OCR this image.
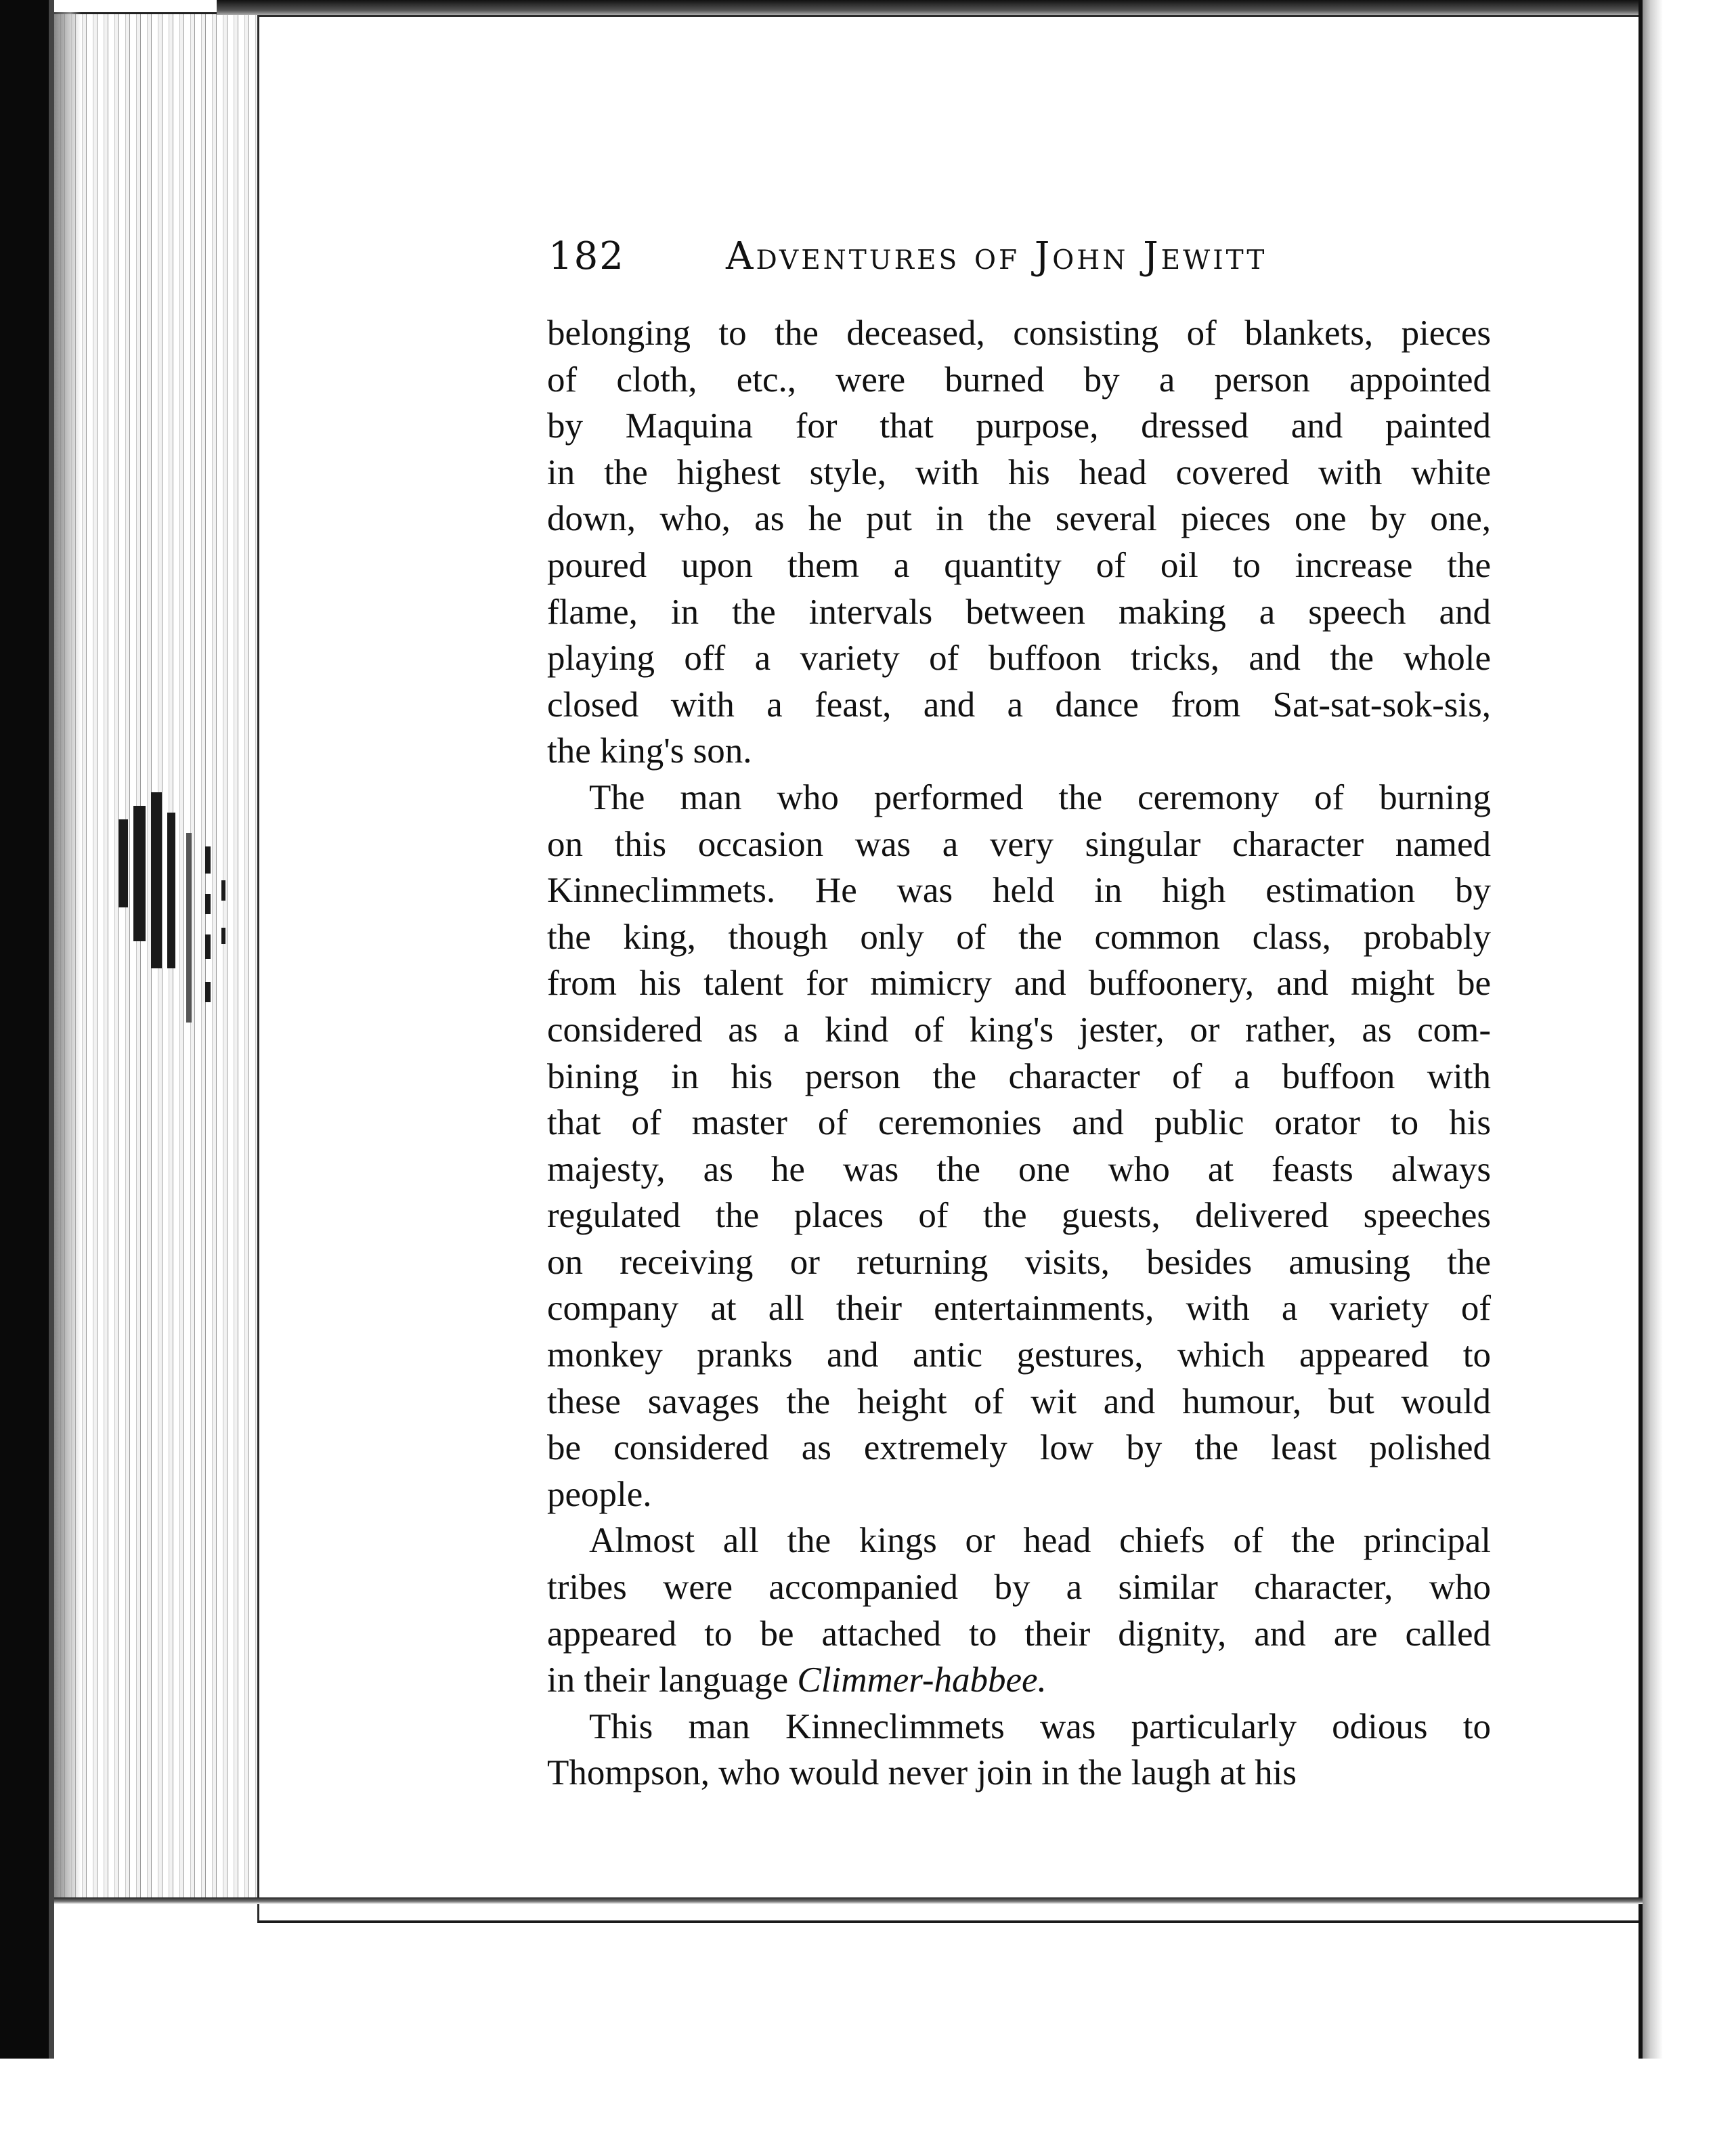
182	Adventures of John Jewitt

belonging to the deceased, consisting of blankets, pieces
of cloth, etc., were burned by a person appointed
by Maquina for that purpose, dressed and painted
in the highest style, with his head covered with white
down, who, as he put in the several pieces one by one,
poured upon them a quantity of oil to increase the
flame, in the intervals between making a speech and
playing off a variety of buffoon tricks, and the whole
closed with a feast, and a dance from Sat-sat-sok-sis,
the king's son.

The man who performed the ceremony of burning
on this occasion was a very singular character named
Kinneclimmets. He was held in high estimation by
the king, though only of the common class, probably
from his talent for mimicry and buffoonery, and might be
considered as a kind of king's jester, or rather, as com-
bining in his person the character of a buffoon with
that of master of ceremonies and public orator to his
majesty, as he was the one who at feasts always
regulated the places of the guests, delivered speeches
on receiving or returning visits, besides amusing the
company at all their entertainments, with a variety of
monkey pranks and antic gestures, which appeared to
these savages the height of wit and humour, but would
be considered as extremely low by the least polished
people.

Almost all the kings or head chiefs of the principal
tribes were accompanied by a similar character, who
appeared to be attached to their dignity, and are called
in their language Climmer-habbee.

This man Kinneclimmets was particularly odious to
Thompson, who would never join in the laugh at his
